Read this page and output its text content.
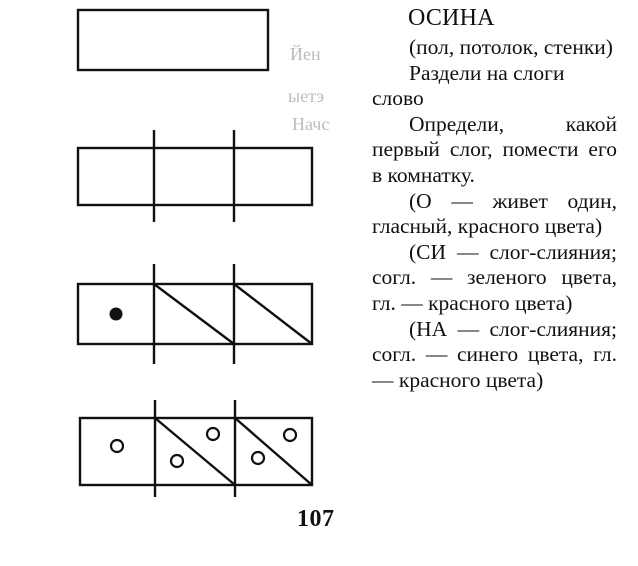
Йен
ыетэ
Начс
ОСИНА

(пол, потолок, стенки)

Раздели на слоги слово

Определи, какой первый слог, помести его в комнатку.

(О — живет один, гласный, красного цвета)

(СИ — слог-слияния; согл. — зеленого цвета, гл. — красного цвета)

(НА — слог-слияния; согл. — синего цвета, гл. — красного цвета)

107
